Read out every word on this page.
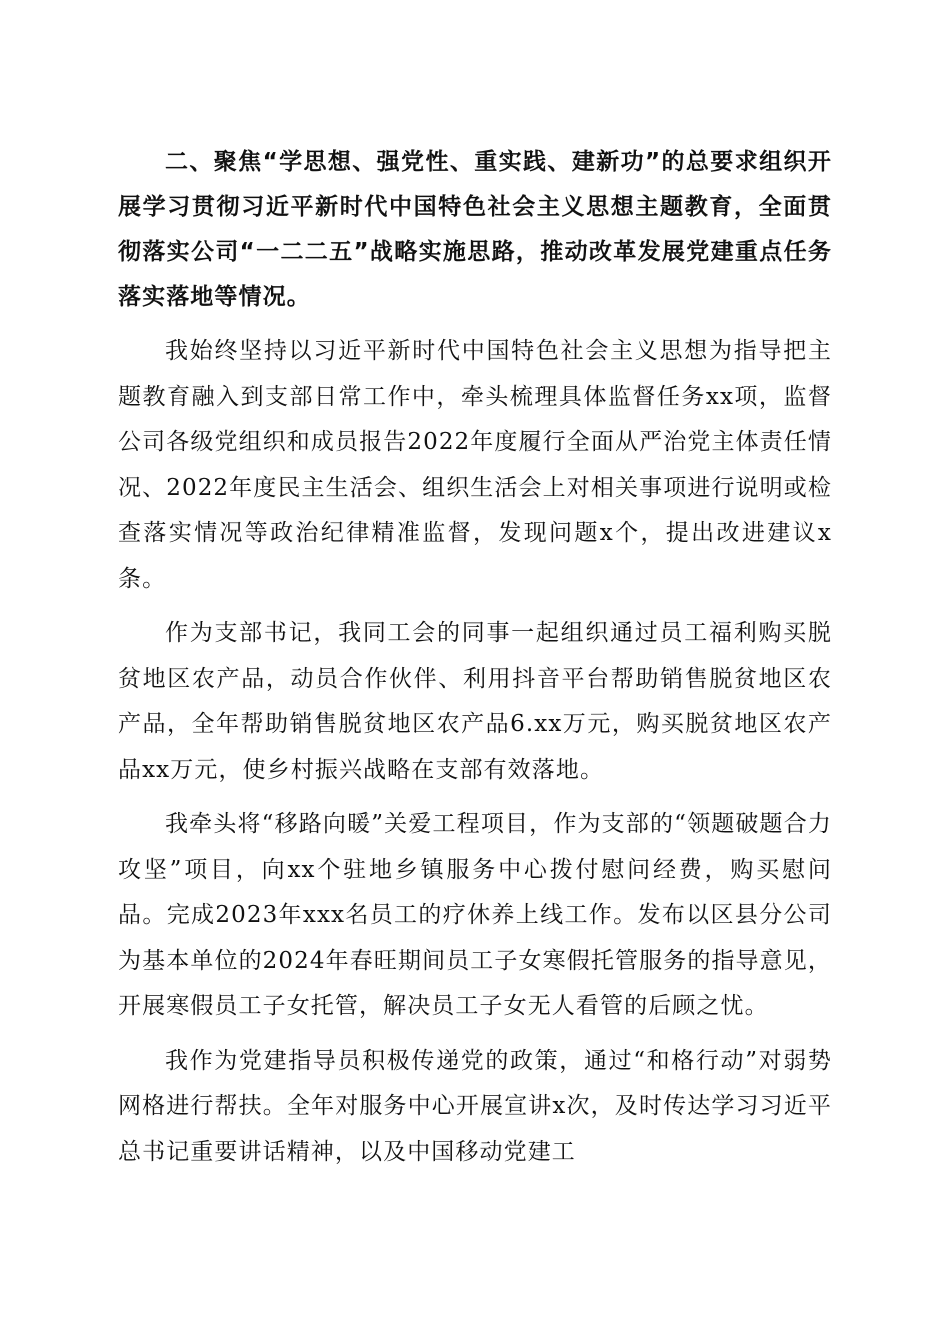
二、聚焦“学思想、强党性、重实践、建新功”的总要求组织开展学习贯彻习近平新时代中国特色社会主义思想主题教育，全面贯彻落实公司“一二二五”战略实施思路，推动改革发展党建重点任务落实落地等情况。

我始终坚持以习近平新时代中国特色社会主义思想为指导把主题教育融入到支部日常工作中，牵头梳理具体监督任务xx项，监督公司各级党组织和成员报告2022年度履行全面从严治党主体责任情况、2022年度民主生活会、组织生活会上对相关事项进行说明或检查落实情况等政治纪律精准监督，发现问题x个，提出改进建议x条。

作为支部书记，我同工会的同事一起组织通过员工福利购买脱贫地区农产品，动员合作伙伴、利用抖音平台帮助销售脱贫地区农产品，全年帮助销售脱贫地区农产品6.xx万元，购买脱贫地区农产品xx万元，使乡村振兴战略在支部有效落地。

我牵头将“移路向暖”关爱工程项目，作为支部的“领题破题合力攻坚”项目，向xx个驻地乡镇服务中心拨付慰问经费，购买慰问品。完成2023年xxx名员工的疗休养上线工作。发布以区县分公司为基本单位的2024年春旺期间员工子女寒假托管服务的指导意见，开展寒假员工子女托管，解决员工子女无人看管的后顾之忧。

我作为党建指导员积极传递党的政策，通过“和格行动”对弱势网格进行帮扶。全年对服务中心开展宣讲x次，及时传达学习习近平总书记重要讲话精神，以及中国移动党建工
